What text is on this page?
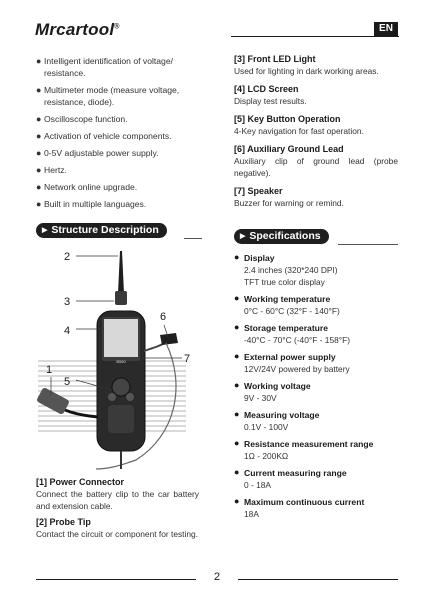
Mrcartool®	EN
● Intelligent identification of voltage/ resistance.
● Multimeter mode (measure voltage, resistance, diode).
● Oscilloscope function.
● Activation of vehicle components.
● 0-5V adjustable power supply.
● Hertz.
● Network online upgrade.
● Built in multiple languages.
▶ Structure Description
2
3
4
6
7
1
5
B550
[1] Power Connector
Connect the battery clip to the car battery and extension cable.
[2] Probe Tip
Contact the circuit or component for testing.
[3] Front LED Light
Used for lighting in dark working areas.
[4] LCD Screen
Display test results.
[5] Key Button Operation
4-Key navigation for fast operation.
[6] Auxiliary Ground Lead
Auxiliary clip of ground lead (probe negative).
[7] Speaker
Buzzer for warning or remind.
▶ Specifications
● Display
2.4 inches (320*240 DPI)
TFT true color display
● Working temperature
0°C - 60°C (32°F - 140°F)
● Storage temperature
-40°C - 70°C (-40°F - 158°F)
● External power supply
12V/24V powered by battery
● Working voltage
9V - 30V
● Measuring voltage
0.1V - 100V
● Resistance measurement range
1Ω - 200KΩ
● Current measuring range
0 - 18A
● Maximum continuous current
18A
2
